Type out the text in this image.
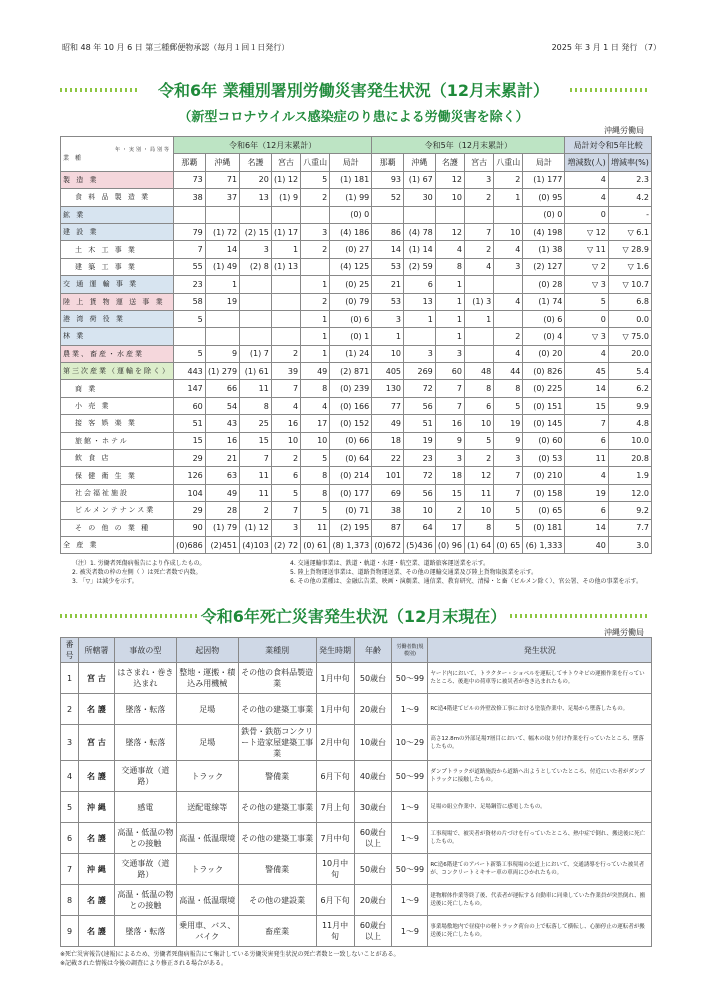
昭和 48 年 10 月 6 日 第三種郵便物承認（毎月１回１日発行）	2025 年 3 月 1 日 発行 （7）
令和6年 業種別署別労働災害発生状況（12月末累計）
（新型コロナウイルス感染症のり患による労働災害を除く）
沖縄労働局
年・実別・局別等
業 種	令和6年（12月末累計）						令和5年（12月末累計）						局計対令和5年比較	
	那覇	沖縄	名護	宮古	八重山	局計	那覇	沖縄	名護	宮古	八重山	局計	増減数(人)	増減率(%)
製 造 業	73	71	20	(1) 12	5	(1) 181	93	(1) 67	12	3	2	(1) 177	4	2.3
食 料 品 製 造 業	38	37	13	(1) 9	2	(1) 99	52	30	10	2	1	(0) 95	4	4.2
鉱 業						(0) 0						(0) 0	0	-
建 設 業	79	(1) 72	(2) 15	(1) 17	3	(4) 186	86	(4) 78	12	7	10	(4) 198	▽ 12	▽ 6.1
土 木 工 事 業	7	14	3	1	2	(0) 27	14	(1) 14	4	2	4	(1) 38	▽ 11	▽ 28.9
建 築 工 事 業	55	(1) 49	(2) 8	(1) 13		(4) 125	53	(2) 59	8	4	3	(2) 127	▽ 2	▽ 1.6
交 通 運 輸 事 業	23	1			1	(0) 25	21	6	1			(0) 28	▽ 3	▽ 10.7
陸 上 貨 物 運 送 事 業	58	19			2	(0) 79	53	13	1	(1) 3	4	(1) 74	5	6.8
港 湾 荷 役 業	5				1	(0) 6	3	1	1	1		(0) 6	0	0.0
林 業					1	(0) 1	1		1		2	(0) 4	▽ 3	▽ 75.0
農業、畜産・水産業	5	9	(1) 7	2	1	(1) 24	10	3	3		4	(0) 20	4	20.0
第三次産業（運輸を除く）	443	(1) 279	(1) 61	39	49	(2) 871	405	269	60	48	44	(0) 826	45	5.4
商 業	147	66	11	7	8	(0) 239	130	72	7	8	8	(0) 225	14	6.2
小 売 業	60	54	8	4	4	(0) 166	77	56	7	6	5	(0) 151	15	9.9
接 客 娯 楽 業	51	43	25	16	17	(0) 152	49	51	16	10	19	(0) 145	7	4.8
旅館・ホテル	15	16	15	10	10	(0) 66	18	19	9	5	9	(0) 60	6	10.0
飲 食 店	29	21	7	2	5	(0) 64	22	23	3	2	3	(0) 53	11	20.8
保 健 衛 生 業	126	63	11	6	8	(0) 214	101	72	18	12	7	(0) 210	4	1.9
社会福祉施設	104	49	11	5	8	(0) 177	69	56	15	11	7	(0) 158	19	12.0
ビルメンテナンス業	29	28	2	7	5	(0) 71	38	10	2	10	5	(0) 65	6	9.2
そ の 他 の 業 種	90	(1) 79	(1) 12	3	11	(2) 195	87	64	17	8	5	(0) 181	14	7.7
全 産 業	(0)686	(2)451	(4)103	(2) 72	(0) 61	(8) 1,373	(0)672	(5)436	(0) 96	(1) 64	(0) 65	(6) 1,333	40	3.0
（注）1. 労働者死傷病報告により作成したもの。
2. 被災者数の枠の左側（ ）は死亡者数で内数。
3. 「▽」は減少を示す。
4. 交通運輸事業は、鉄道・軌道・水運・航空業、道路旅客運送業を示す。
5. 陸上貨物運送事業は、道路貨物運送業、その他の運輸交通業及び陸上貨物取扱業を示す。
6. その他の業種は、金融広告業、映画・演劇業、通信業、教育研究、清掃・と畜（ビルメン除く）、官公署、その他の事業を示す。
令和6年死亡災害発生状況（12月末現在）
沖縄労働局
番号	所轄署	事故の型	起因物	業種別	発生時期	年齢	労働者数(規模別)	発生状況
1	宮 古	はさまれ・巻き込まれ	整地・運搬・積込み用機械	その他の食料品製造業	1月中旬	50歳台	50〜99	ヤード内において、トラクター・ショベルを運転してサトウキビの運搬作業を行っていたところ、後進中の荷車等に被災者が巻き込まれたもの。
2	名 護	墜落・転落	足場	その他の建築工事業	1月中旬	20歳台	1〜9	RC造4階建てビルの外壁改修工事における塗装作業中、足場から墜落したもの。
3	宮 古	墜落・転落	足場	鉄骨・鉄筋コンクリート造家屋建築工事業	2月中旬	10歳台	10〜29	高さ12.8mの外部足場7層目において、幅木の取り付け作業を行っていたところ、墜落したもの。
4	名 護	交通事故（道路）	トラック	警備業	6月下旬	40歳台	50〜99	ダンプトラックが道路施設から道路へ出ようとしていたところ、付近にいた者がダンプトラックに接触したもの。
5	沖 縄	感電	送配電線等	その他の建築工事業	7月上旬	30歳台	1〜9	足場の組立作業中、足場鋼管に感電したもの。
6	名 護	高温・低温の物との接触	高温・低温環境	その他の建築工事業	7月中旬	60歳台以上	1〜9	工事現場で、被災者が資材の片づけを行っていたところ、熱中症で倒れ、搬送後に死亡したもの。
7	沖 縄	交通事故（道路）	トラック	警備業	10月中旬	50歳台	50〜99	RC造6階建てのアパート新築工事現場の公道上において、交通誘導を行っていた被災者が、コンクリートミキサー車の車両にひかれたもの。
8	名 護	高温・低温の物との接触	高温・低温環境	その他の建設業	6月下旬	20歳台	1〜9	建物解体作業等終了後、代表者が運転する自動車に同乗していた作業員が突然倒れ、搬送後に死亡したもの。
9	名 護	墜落・転落	乗用車、バス、バイク	畜産業	11月中旬	60歳台以上	1〜9	事業場敷地内で昼寝中の軽トラック荷台の上で転落して横転し、心肺停止の運転者が搬送後に死亡したもの。
※死亡災害報告(速報)によるため、労働者死傷病報告にて集計している労働災害発生状況の死亡者数と一致しないことがある。
※記載された情報は今後の調査により修正される場合がある。
